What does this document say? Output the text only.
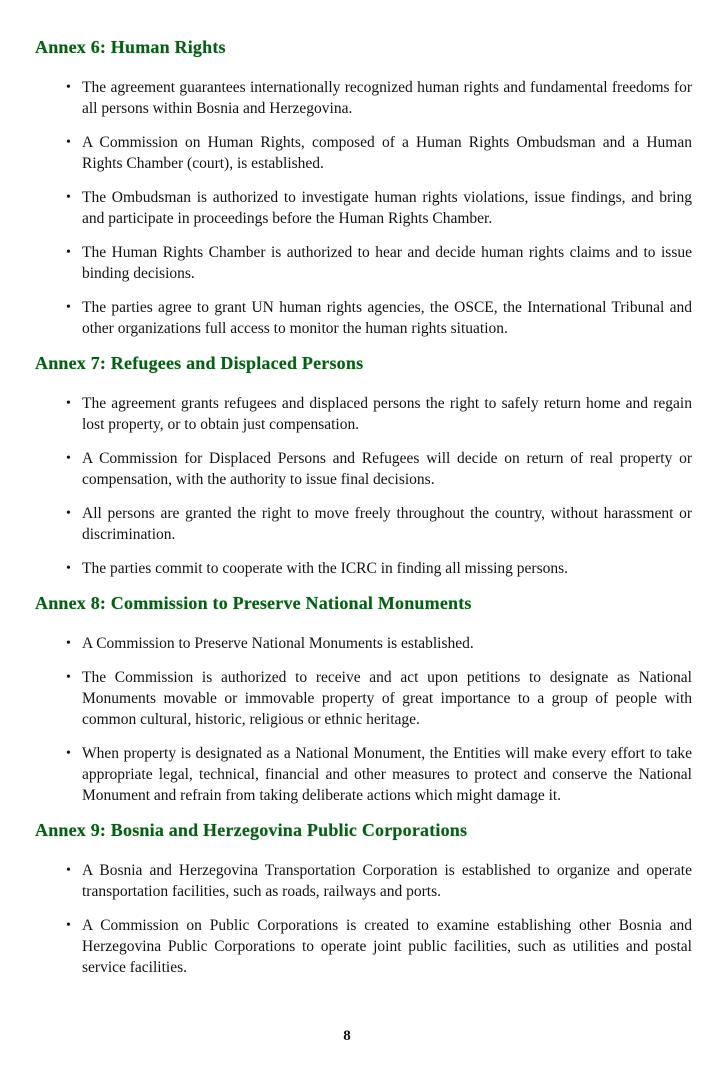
Annex 6: Human Rights
• The agreement guarantees internationally recognized human rights and fundamental freedoms for all persons within Bosnia and Herzegovina.
• A Commission on Human Rights, composed of a Human Rights Ombudsman and a Human Rights Chamber (court), is established.
• The Ombudsman is authorized to investigate human rights violations, issue findings, and bring and participate in proceedings before the Human Rights Chamber.
• The Human Rights Chamber is authorized to hear and decide human rights claims and to issue binding decisions.
• The parties agree to grant UN human rights agencies, the OSCE, the International Tribunal and other organizations full access to monitor the human rights situation.
Annex 7: Refugees and Displaced Persons
• The agreement grants refugees and displaced persons the right to safely return home and regain lost property, or to obtain just compensation.
• A Commission for Displaced Persons and Refugees will decide on return of real property or compensation, with the authority to issue final decisions.
• All persons are granted the right to move freely throughout the country, without harassment or discrimination.
• The parties commit to cooperate with the ICRC in finding all missing persons.
Annex 8: Commission to Preserve National Monuments
• A Commission to Preserve National Monuments is established.
• The Commission is authorized to receive and act upon petitions to designate as National Monuments movable or immovable property of great importance to a group of people with common cultural, historic, religious or ethnic heritage.
• When property is designated as a National Monument, the Entities will make every effort to take appropriate legal, technical, financial and other measures to protect and conserve the National Monument and refrain from taking deliberate actions which might damage it.
Annex 9: Bosnia and Herzegovina Public Corporations
• A Bosnia and Herzegovina Transportation Corporation is established to organize and operate transportation facilities, such as roads, railways and ports.
• A Commission on Public Corporations is created to examine establishing other Bosnia and Herzegovina Public Corporations to operate joint public facilities, such as utilities and postal service facilities.
8
